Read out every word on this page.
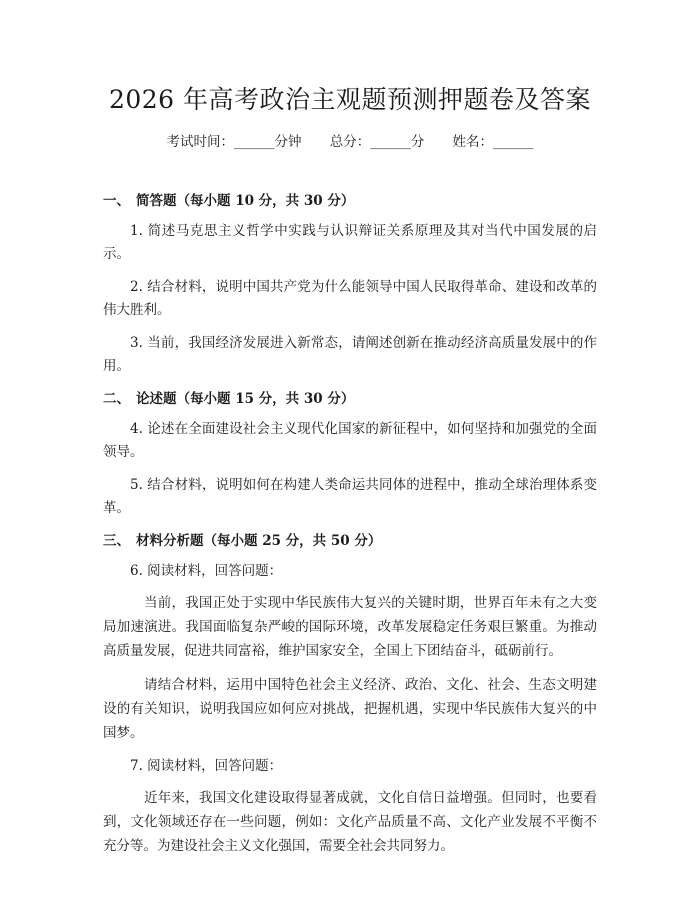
2026 年高考政治主观题预测押题卷及答案
考试时间：______分钟 总分：______分 姓名：______
一、 简答题（每小题 10 分，共 30 分）

1. 简述马克思主义哲学中实践与认识辩证关系原理及其对当代中国发展的启示。

2. 结合材料，说明中国共产党为什么能领导中国人民取得革命、建设和改革的伟大胜利。

3. 当前，我国经济发展进入新常态，请阐述创新在推动经济高质量发展中的作用。

二、 论述题（每小题 15 分，共 30 分）

4. 论述在全面建设社会主义现代化国家的新征程中，如何坚持和加强党的全面领导。

5. 结合材料，说明如何在构建人类命运共同体的进程中，推动全球治理体系变革。

三、 材料分析题（每小题 25 分，共 50 分）

6. 阅读材料，回答问题：

当前，我国正处于实现中华民族伟大复兴的关键时期，世界百年未有之大变局加速演进。我国面临复杂严峻的国际环境，改革发展稳定任务艰巨繁重。为推动高质量发展，促进共同富裕，维护国家安全，全国上下团结奋斗，砥砺前行。

请结合材料，运用中国特色社会主义经济、政治、文化、社会、生态文明建设的有关知识，说明我国应如何应对挑战，把握机遇，实现中华民族伟大复兴的中国梦。

7. 阅读材料，回答问题：

近年来，我国文化建设取得显著成就，文化自信日益增强。但同时，也要看到，文化领域还存在一些问题，例如：文化产品质量不高、文化产业发展不平衡不充分等。为建设社会主义文化强国，需要全社会共同努力。
